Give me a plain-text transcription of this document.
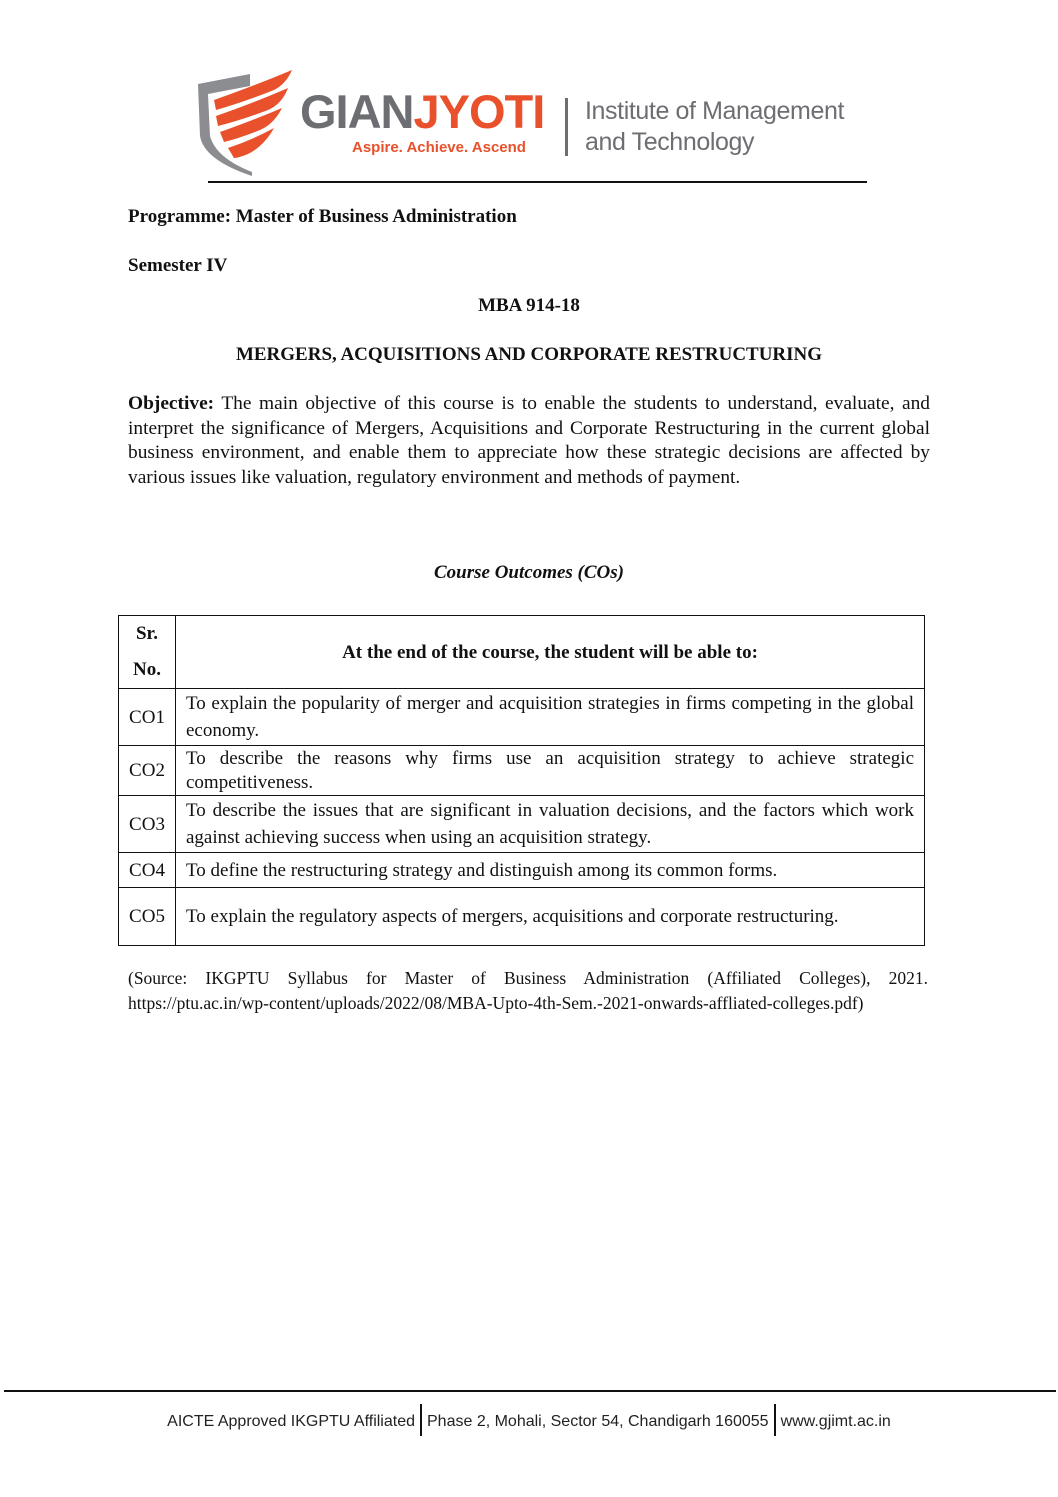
GIANJYOTI
Aspire. Achieve. Ascend
Institute of Management
and Technology
Programme: Master of Business Administration
Semester IV
MBA 914-18
MERGERS, ACQUISITIONS AND CORPORATE RESTRUCTURING
Objective: The main objective of this course is to enable the students to understand, evaluate, and interpret the significance of Mergers, Acquisitions and Corporate Restructuring in the current global business environment, and enable them to appreciate how these strategic decisions are affected by various issues like valuation, regulatory environment and methods of payment.
Course Outcomes (COs)
Sr.
No.	At the end of the course, the student will be able to:
CO1	To explain the popularity of merger and acquisition strategies in firms competing in the global economy.
CO2	To describe the reasons why firms use an acquisition strategy to achieve strategic competitiveness.
CO3	To describe the issues that are significant in valuation decisions, and the factors which work against achieving success when using an acquisition strategy.
CO4	To define the restructuring strategy and distinguish among its common forms.
CO5	To explain the regulatory aspects of mergers, acquisitions and corporate restructuring.
(Source: IKGPTU Syllabus for Master of Business Administration (Affiliated Colleges), 2021. https://ptu.ac.in/wp-content/uploads/2022/08/MBA-Upto-4th-Sem.-2021-onwards-affliated-colleges.pdf)
AICTE Approved IKGPTU Affiliated Phase 2, Mohali, Sector 54, Chandigarh 160055 www.gjimt.ac.in
